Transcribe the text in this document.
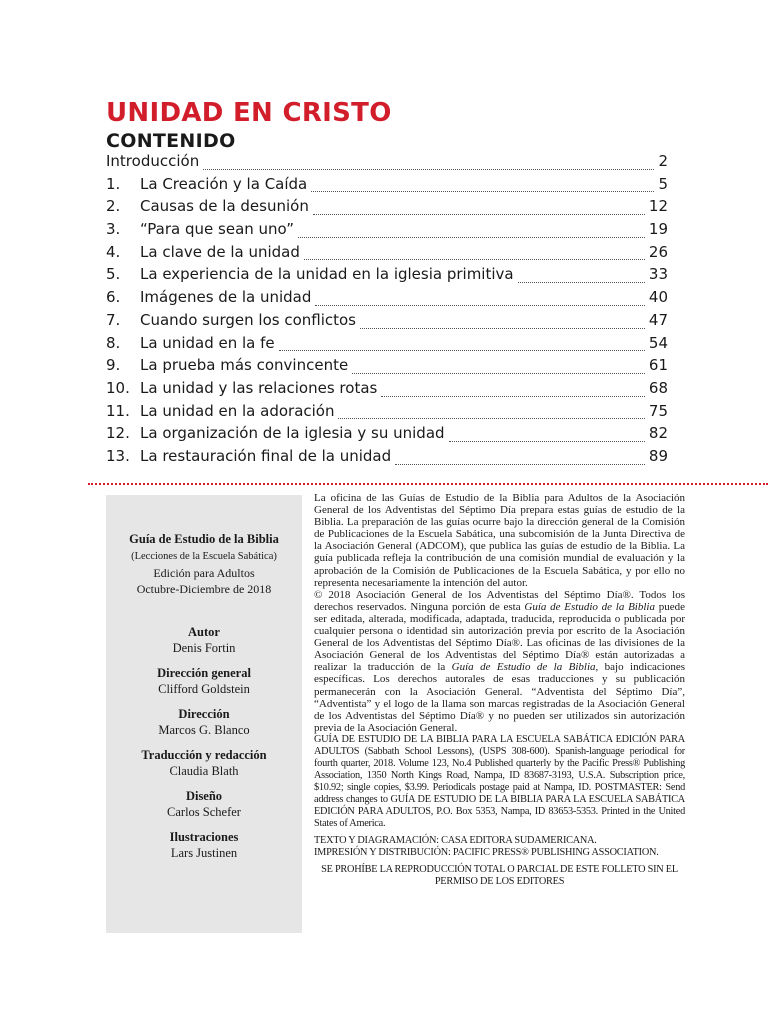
UNIDAD EN CRISTO
CONTENIDO
Introducción	2
1.	La Creación y la Caída	5
2.	Causas de la desunión	12
3.	“Para que sean uno”	19
4.	La clave de la unidad	26
5.	La experiencia de la unidad en la iglesia primitiva	33
6.	Imágenes de la unidad	40
7.	Cuando surgen los conflictos	47
8.	La unidad en la fe	54
9.	La prueba más convincente	61
10. La unidad y las relaciones rotas	68
11. La unidad en la adoración	75
12. La organización de la iglesia y su unidad	82
13. La restauración final de la unidad	89
Guía de Estudio de la Biblia
(Lecciones de la Escuela Sabática)
Edición para Adultos
Octubre-Diciembre de 2018
Autor
Denis Fortin
Dirección general
Clifford Goldstein
Dirección
Marcos G. Blanco
Traducción y redacción
Claudia Blath
Diseño
Carlos Schefer
Ilustraciones
Lars Justinen

La oficina de las Guías de Estudio de la Biblia para Adultos de la Asociación General de los Adventistas del Séptimo Día prepara estas guías de estudio de la Biblia. La preparación de las guías ocurre bajo la dirección general de la Comisión de Publicaciones de la Escuela Sabática, una subcomisión de la Junta Directiva de la Asociación General (ADCOM), que publica las guías de estudio de la Biblia. La guía publicada refleja la contribución de una comisión mundial de evaluación y la aprobación de la Comisión de Publicaciones de la Escuela Sabática, y por ello no representa necesariamente la intención del autor.

© 2018 Asociación General de los Adventistas del Séptimo Día®. Todos los derechos reservados. Ninguna porción de esta Guía de Estudio de la Biblia puede ser editada, alterada, modificada, adaptada, traducida, reproducida o publicada por cualquier persona o identidad sin autorización previa por escrito de la Asociación General de los Adventistas del Séptimo Día®. Las oficinas de las divisiones de la Asociación General de los Adventistas del Séptimo Día® están autorizadas a realizar la traducción de la Guía de Estudio de la Biblia, bajo indicaciones específicas. Los derechos autorales de esas traducciones y su publicación permanecerán con la Asociación General. “Adventista del Séptimo Día”, “Adventista” y el logo de la llama son marcas registradas de la Asociación General de los Adventistas del Séptimo Día® y no pueden ser utilizados sin autorización previa de la Asociación General.

GUÍA DE ESTUDIO DE LA BIBLIA PARA LA ESCUELA SABÁTICA EDICIÓN PARA ADULTOS (Sabbath School Lessons), (USPS 308-600). Spanish-language periodical for fourth quarter, 2018. Volume 123, No.4 Published quarterly by the Pacific Press® Publishing Association, 1350 North Kings Road, Nampa, ID 83687-3193, U.S.A. Subscription price, $10.92; single copies, $3.99. Periodicals postage paid at Nampa, ID. POSTMASTER: Send address changes to GUÍA DE ESTUDIO DE LA BIBLIA PARA LA ESCUELA SABÁTICA EDICIÓN PARA ADULTOS, P.O. Box 5353, Nampa, ID 83653-5353. Printed in the United States of America.

TEXTO Y DIAGRAMACIÓN: CASA EDITORA SUDAMERICANA.

IMPRESIÓN Y DISTRIBUCIÓN: PACIFIC PRESS® PUBLISHING ASSOCIATION.

SE PROHÍBE LA REPRODUCCIÓN TOTAL O PARCIAL DE ESTE FOLLETO SIN EL PERMISO DE LOS EDITORES
